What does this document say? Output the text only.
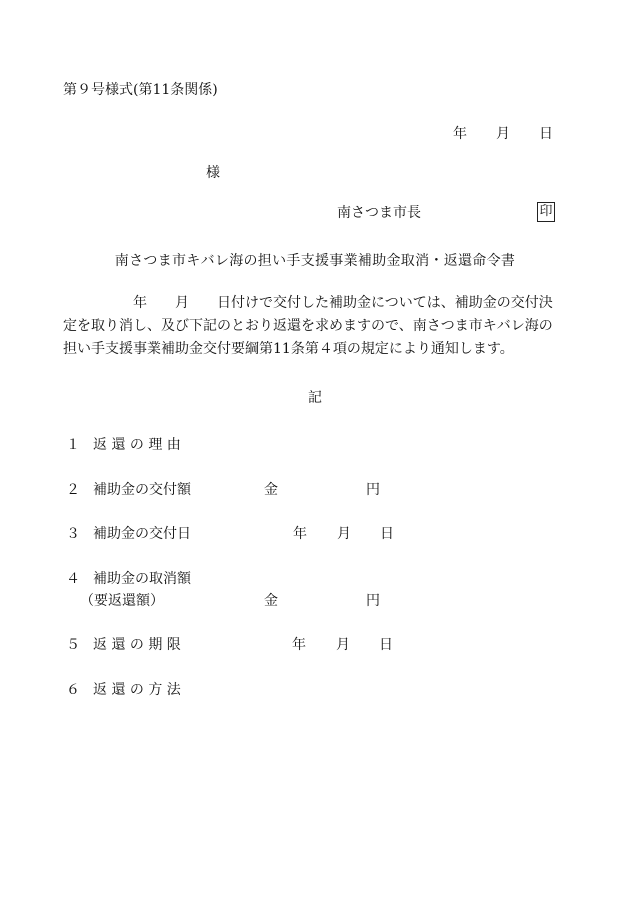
第９号様式(第11条関係)
年 月 日
様
南さつま市長	印
南さつま市キバレ海の担い手支援事業補助金取消・返還命令書

　　　　　年　　月　　日付けで交付した補助金については、補助金の交付決

定を取り消し、及び下記のとおり返還を求めますので、南さつま市キバレ海の

担い手支援事業補助金交付要綱第11条第４項の規定により通知します。

記
１ 返 還 の 理 由
２ 補助金の交付額	金	円
３ 補助金の交付日	年 月 日
４ 補助金の取消額
（要返還額）	金	円
５ 返 還 の 期 限	年 月 日
６ 返 還 の 方 法
